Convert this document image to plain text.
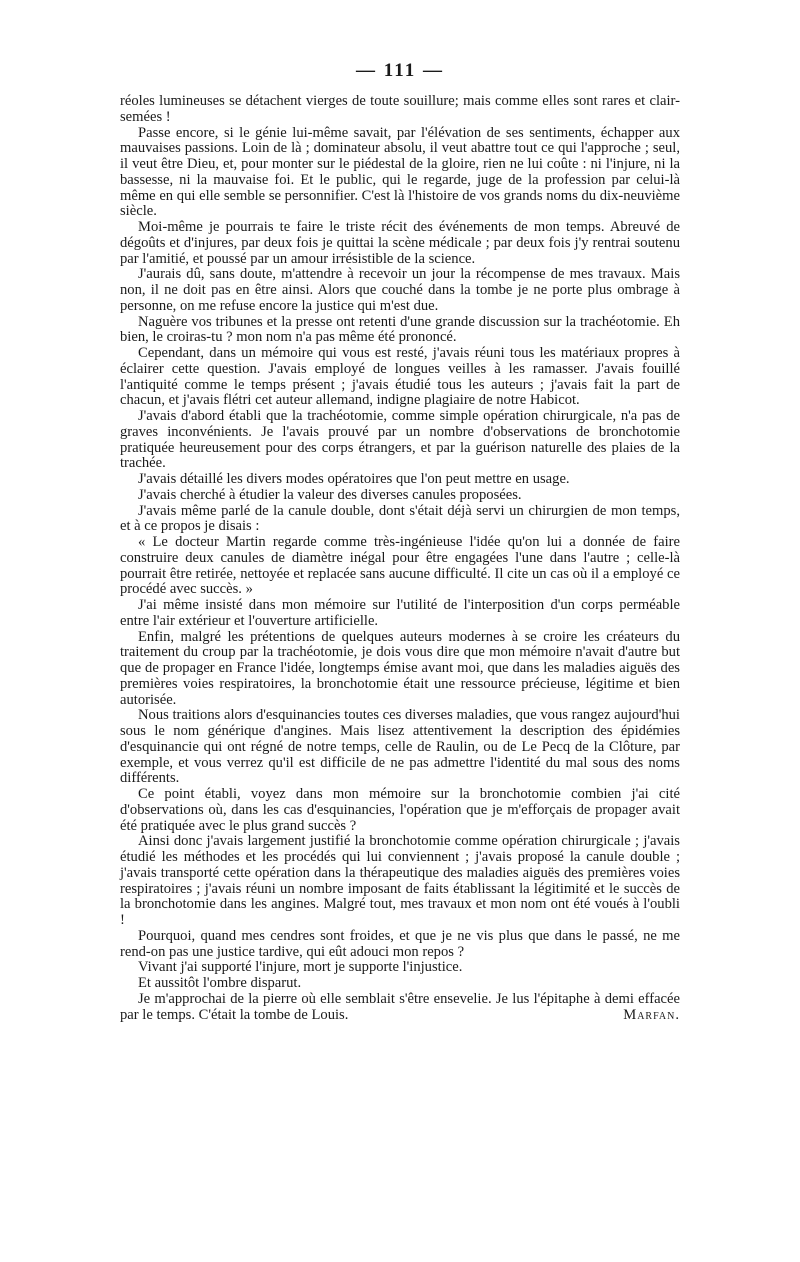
— 111 —

réoles lumineuses se détachent vierges de toute souillure; mais comme elles sont rares et clair-semées !

Passe encore, si le génie lui-même savait, par l'élévation de ses sentiments, échapper aux mauvaises passions. Loin de là ; dominateur absolu, il veut abattre tout ce qui l'approche ; seul, il veut être Dieu, et, pour monter sur le piédestal de la gloire, rien ne lui coûte : ni l'injure, ni la bassesse, ni la mauvaise foi. Et le public, qui le regarde, juge de la profession par celui-là même en qui elle semble se personnifier. C'est là l'histoire de vos grands noms du dix-neuvième siècle.

Moi-même je pourrais te faire le triste récit des événements de mon temps. Abreuvé de dégoûts et d'injures, par deux fois je quittai la scène médicale ; par deux fois j'y rentrai soutenu par l'amitié, et poussé par un amour irrésistible de la science.

J'aurais dû, sans doute, m'attendre à recevoir un jour la récompense de mes travaux. Mais non, il ne doit pas en être ainsi. Alors que couché dans la tombe je ne porte plus ombrage à personne, on me refuse encore la justice qui m'est due.

Naguère vos tribunes et la presse ont retenti d'une grande discussion sur la trachéotomie. Eh bien, le croiras-tu ? mon nom n'a pas même été prononcé.

Cependant, dans un mémoire qui vous est resté, j'avais réuni tous les matériaux propres à éclairer cette question. J'avais employé de longues veilles à les ramasser. J'avais fouillé l'antiquité comme le temps présent ; j'avais étudié tous les auteurs ; j'avais fait la part de chacun, et j'avais flétri cet auteur allemand, indigne plagiaire de notre Habicot.

J'avais d'abord établi que la trachéotomie, comme simple opération chirurgicale, n'a pas de graves inconvénients. Je l'avais prouvé par un nombre d'observations de bronchotomie pratiquée heureusement pour des corps étrangers, et par la guérison naturelle des plaies de la trachée.

J'avais détaillé les divers modes opératoires que l'on peut mettre en usage.

J'avais cherché à étudier la valeur des diverses canules proposées.

J'avais même parlé de la canule double, dont s'était déjà servi un chirurgien de mon temps, et à ce propos je disais :

« Le docteur Martin regarde comme très-ingénieuse l'idée qu'on lui a donnée de faire construire deux canules de diamètre inégal pour être engagées l'une dans l'autre ; celle-là pourrait être retirée, nettoyée et replacée sans aucune difficulté. Il cite un cas où il a employé ce procédé avec succès. »

J'ai même insisté dans mon mémoire sur l'utilité de l'interposition d'un corps perméable entre l'air extérieur et l'ouverture artificielle.

Enfin, malgré les prétentions de quelques auteurs modernes à se croire les créateurs du traitement du croup par la trachéotomie, je dois vous dire que mon mémoire n'avait d'autre but que de propager en France l'idée, longtemps émise avant moi, que dans les maladies aiguës des premières voies respiratoires, la bronchotomie était une ressource précieuse, légitime et bien autorisée.

Nous traitions alors d'esquinancies toutes ces diverses maladies, que vous rangez aujourd'hui sous le nom générique d'angines. Mais lisez attentivement la description des épidémies d'esquinancie qui ont régné de notre temps, celle de Raulin, ou de Le Pecq de la Clôture, par exemple, et vous verrez qu'il est difficile de ne pas admettre l'identité du mal sous des noms différents.

Ce point établi, voyez dans mon mémoire sur la bronchotomie combien j'ai cité d'observations où, dans les cas d'esquinancies, l'opération que je m'efforçais de propager avait été pratiquée avec le plus grand succès ?

Ainsi donc j'avais largement justifié la bronchotomie comme opération chirurgicale ; j'avais étudié les méthodes et les procédés qui lui conviennent ; j'avais proposé la canule double ; j'avais transporté cette opération dans la thérapeutique des maladies aiguës des premières voies respiratoires ; j'avais réuni un nombre imposant de faits établissant la légitimité et le succès de la bronchotomie dans les angines. Malgré tout, mes travaux et mon nom ont été voués à l'oubli !

Pourquoi, quand mes cendres sont froides, et que je ne vis plus que dans le passé, ne me rend-on pas une justice tardive, qui eût adouci mon repos ?

Vivant j'ai supporté l'injure, mort je supporte l'injustice.

Et aussitôt l'ombre disparut.

Je m'approchai de la pierre où elle semblait s'être ensevelie. Je lus l'épitaphe à demi effacée par le temps. C'était la tombe de Louis.	Marfan.
